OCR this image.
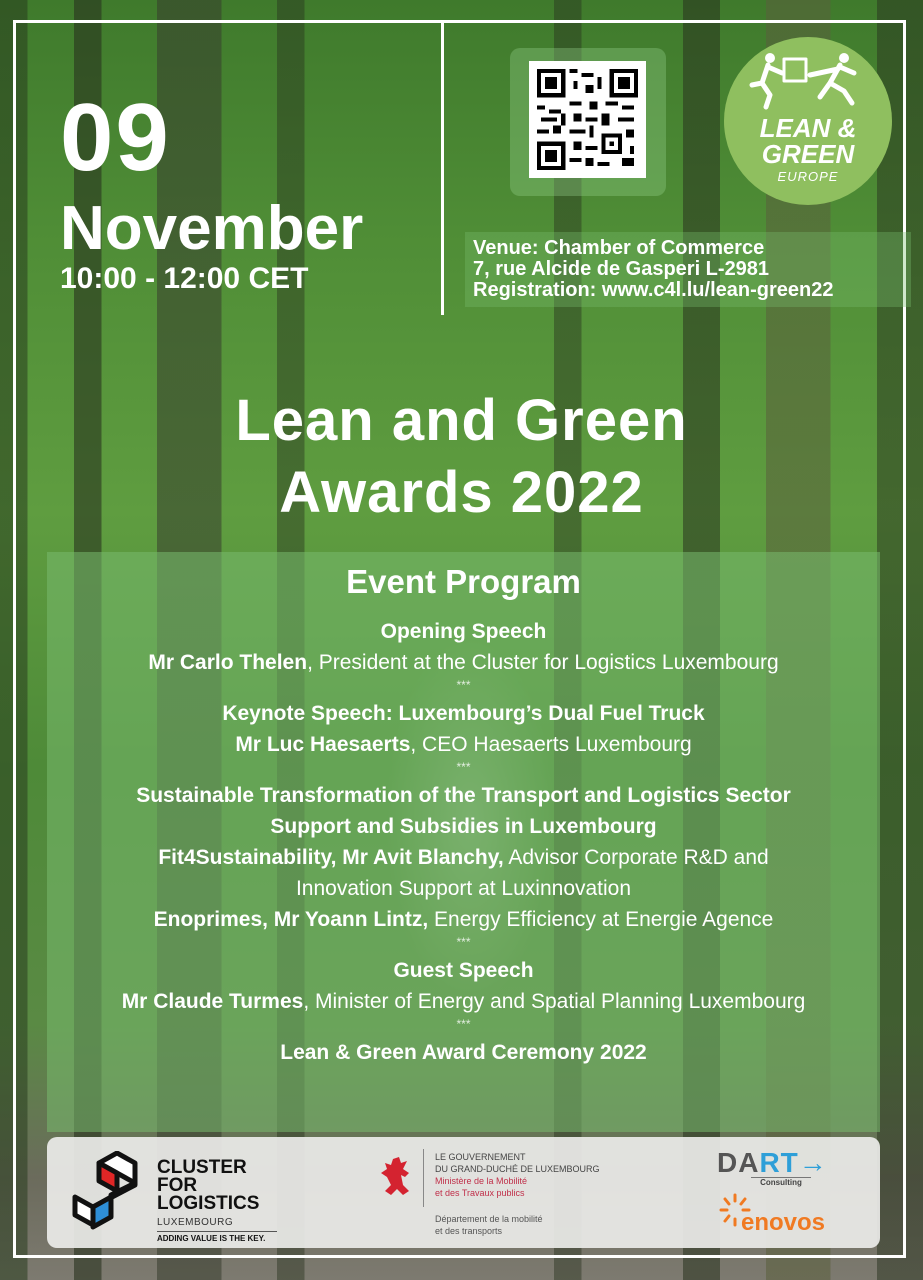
09
November
10:00 - 12:00 CET
LEAN &
GREEN
EUROPE
Venue: Chamber of Commerce
7, rue Alcide de Gasperi L-2981
Registration: www.c4l.lu/lean-green22
Lean and Green
Awards 2022
Event Program
Opening Speech
Mr Carlo Thelen, President at the Cluster for Logistics Luxembourg
***
Keynote Speech: Luxembourg’s Dual Fuel Truck
Mr Luc Haesaerts, CEO Haesaerts Luxembourg
***
Sustainable Transformation of the Transport and Logistics Sector
Support and Subsidies in Luxembourg
Fit4Sustainability, Mr Avit Blanchy, Advisor Corporate R&D and
Innovation Support at Luxinnovation
Enoprimes, Mr Yoann Lintz, Energy Efficiency at Energie Agence
***
Guest Speech
Mr Claude Turmes, Minister of Energy and Spatial Planning Luxembourg
***
Lean & Green Award Ceremony 2022
CLUSTER
FOR
LOGISTICS
LUXEMBOURG
ADDING VALUE IS THE KEY.
LE GOUVERNEMENT
DU GRAND-DUCHÉ DE LUXEMBOURG
Ministère de la Mobilité
et des Travaux publics
Département de la mobilité
et des transports
DART→
Consulting
enovos
